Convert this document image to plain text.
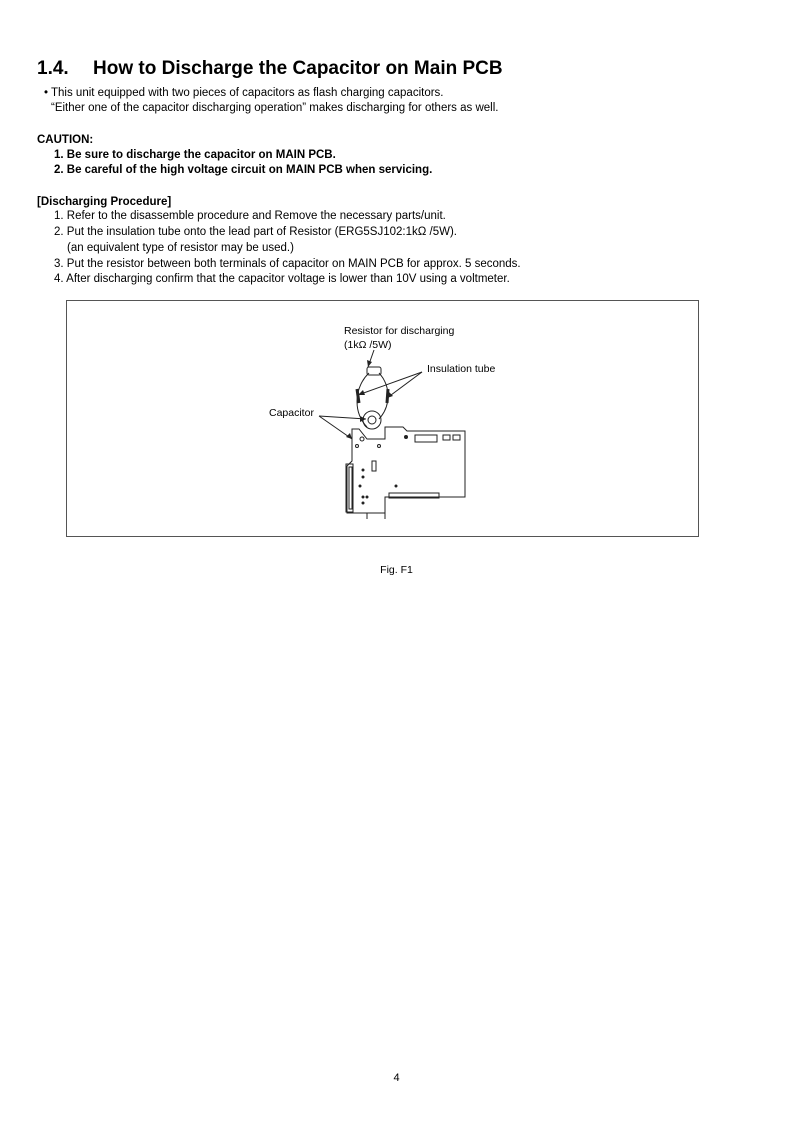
1.4. How to Discharge the Capacitor on Main PCB
• This unit equipped with two pieces of capacitors as flash charging capacitors.
“Either one of the capacitor discharging operation” makes discharging for others as well.
CAUTION:
1. Be sure to discharge the capacitor on MAIN PCB.
2. Be careful of the high voltage circuit on MAIN PCB when servicing.
[Discharging Procedure]
1. Refer to the disassemble procedure and Remove the necessary parts/unit.
2. Put the insulation tube onto the lead part of Resistor (ERG5SJ102:1kΩ /5W).
(an equivalent type of resistor may be used.)
3. Put the resistor between both terminals of capacitor on MAIN PCB for approx. 5 seconds.
4. After discharging confirm that the capacitor voltage is lower than 10V using a voltmeter.
Resistor for discharging
(1kΩ /5W)
Insulation tube
Capacitor
Fig. F1
4
